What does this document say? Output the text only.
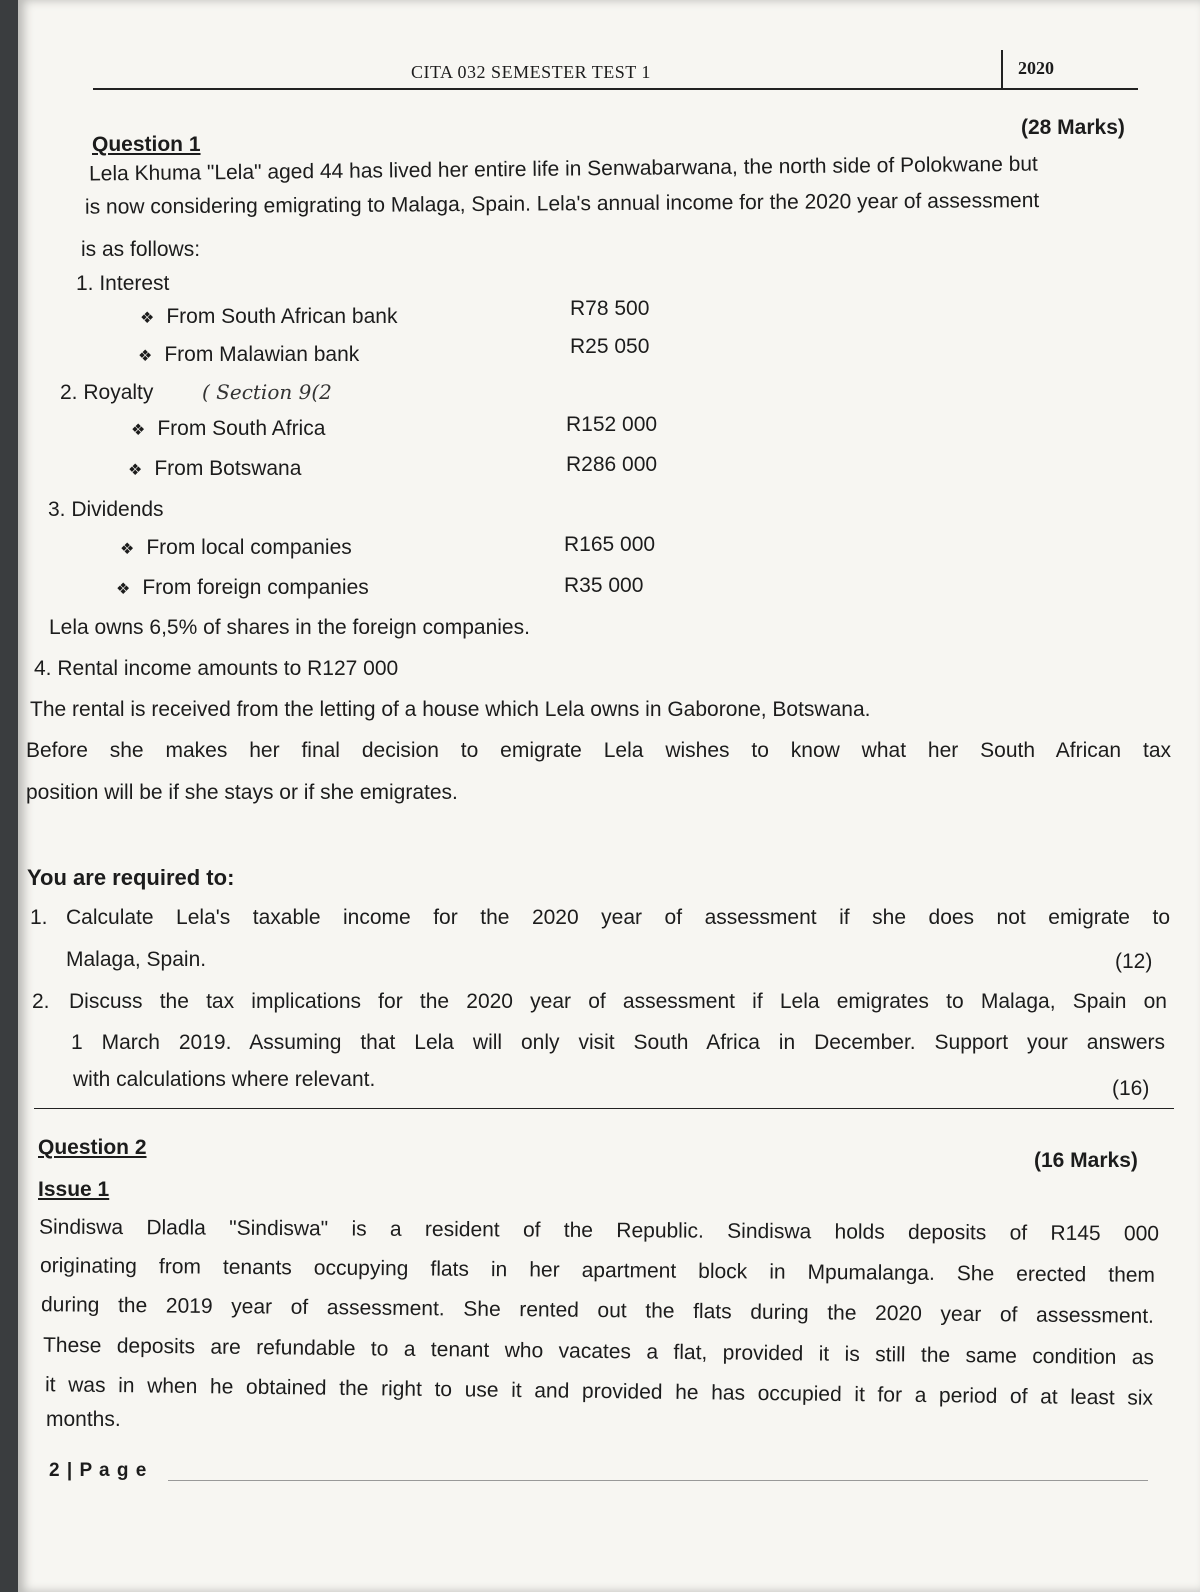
CITA 032 SEMESTER TEST 1	2020
Question 1
(28 Marks)
Lela Khuma "Lela" aged 44 has lived her entire life in Senwabarwana, the north side of Polokwane but
is now considering emigrating to Malaga, Spain. Lela's annual income for the 2020 year of assessment
is as follows:
1. Interest
❖ From South African bank	R78 500
❖ From Malawian bank	R25 050
2. Royalty ( Section 9(2
❖ From South Africa	R152 000
❖ From Botswana	R286 000
3. Dividends
❖ From local companies	R165 000
❖ From foreign companies	R35 000
Lela owns 6,5% of shares in the foreign companies.
4. Rental income amounts to R127 000
The rental is received from the letting of a house which Lela owns in Gaborone, Botswana.
Before she makes her final decision to emigrate Lela wishes to know what her South African tax
position will be if she stays or if she emigrates.
You are required to:
1. Calculate Lela's taxable income for the 2020 year of assessment if she does not emigrate to
Malaga, Spain.	(12)
2. Discuss the tax implications for the 2020 year of assessment if Lela emigrates to Malaga, Spain on
1 March 2019. Assuming that Lela will only visit South Africa in December. Support your answers
with calculations where relevant.	(16)
Question 2
(16 Marks)
Issue 1
Sindiswa Dladla "Sindiswa" is a resident of the Republic. Sindiswa holds deposits of R145 000
originating from tenants occupying flats in her apartment block in Mpumalanga. She erected them
during the 2019 year of assessment. She rented out the flats during the 2020 year of assessment.
These deposits are refundable to a tenant who vacates a flat, provided it is still the same condition as
it was in when he obtained the right to use it and provided he has occupied it for a period of at least six
months.
2 | P a g e
